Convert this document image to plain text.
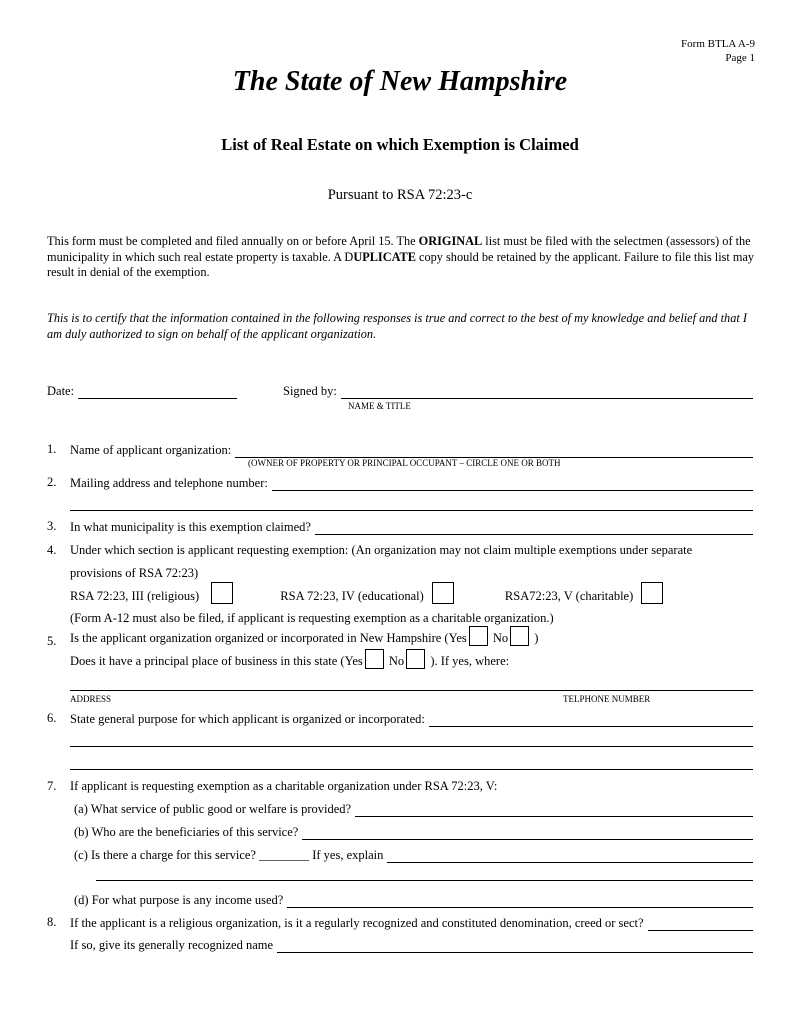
Form BTLA A-9
Page 1
The State of New Hampshire
List of Real Estate on which Exemption is Claimed
Pursuant to RSA 72:23-c
This form must be completed and filed annually on or before April 15. The ORIGINAL list must be filed with the selectmen (assessors) of the municipality in which such real estate property is taxable. A DUPLICATE copy should be retained by the applicant. Failure to file this list may result in denial of the exemption.
This is to certify that the information contained in the following responses is true and correct to the best of my knowledge and belief and that I am duly authorized to sign on behalf of the applicant organization.
Date:	Signed by:
NAME & TITLE
1. Name of applicant organization:
(OWNER OF PROPERTY OR PRINCIPAL OCCUPANT – CIRCLE ONE OR BOTH
2. Mailing address and telephone number:
3. In what municipality is this exemption claimed?
4. Under which section is applicant requesting exemption: (An organization may not claim multiple exemptions under separate
provisions of RSA 72:23)
RSA 72:23, III (religious)	RSA 72:23, IV (educational)	RSA72:23, V (charitable)
(Form A-12 must also be filed, if applicant is requesting exemption as a charitable organization.)
5. Is the applicant organization organized or incorporated in New Hampshire (Yes No )
Does it have a principal place of business in this state (Yes No ). If yes, where:
ADDRESS	TELPHONE NUMBER
6. State general purpose for which applicant is organized or incorporated:
7. If applicant is requesting exemption as a charitable organization under RSA 72:23, V:
(a) What service of public good or welfare is provided?
(b) Who are the beneficiaries of this service?
(c) Is there a charge for this service? ________ If yes, explain
(d) For what purpose is any income used?
8. If the applicant is a religious organization, is it a regularly recognized and constituted denomination, creed or sect?
If so, give its generally recognized name
